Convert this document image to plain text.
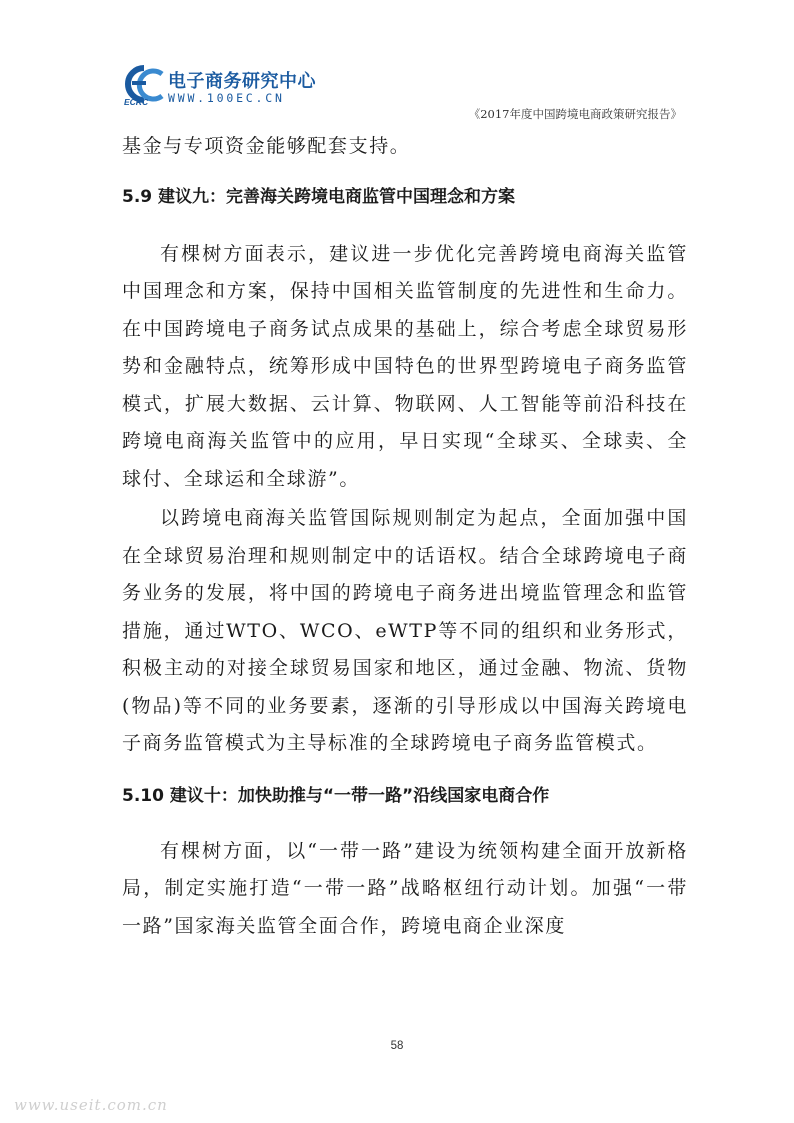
ECRC
电子商务研究中心
WWW.100EC.CN
《2017年度中国跨境电商政策研究报告》

基金与专项资金能够配套支持。

5.9 建议九：完善海关跨境电商监管中国理念和方案

有棵树方面表示，建议进一步优化完善跨境电商海关监管中国理念和方案，保持中国相关监管制度的先进性和生命力。在中国跨境电子商务试点成果的基础上，综合考虑全球贸易形势和金融特点，统筹形成中国特色的世界型跨境电子商务监管模式，扩展大数据、云计算、物联网、人工智能等前沿科技在跨境电商海关监管中的应用，早日实现“全球买、全球卖、全球付、全球运和全球游”。

以跨境电商海关监管国际规则制定为起点，全面加强中国在全球贸易治理和规则制定中的话语权。结合全球跨境电子商务业务的发展，将中国的跨境电子商务进出境监管理念和监管措施，通过WTO、WCO、eWTP等不同的组织和业务形式，积极主动的对接全球贸易国家和地区，通过金融、物流、货物(物品)等不同的业务要素，逐渐的引导形成以中国海关跨境电子商务监管模式为主导标准的全球跨境电子商务监管模式。

5.10 建议十：加快助推与“一带一路”沿线国家电商合作

有棵树方面，以“一带一路”建设为统领构建全面开放新格局，制定实施打造“一带一路”战略枢纽行动计划。加强“一带一路”国家海关监管全面合作，跨境电商企业深度

58
www.useit.com.cn
